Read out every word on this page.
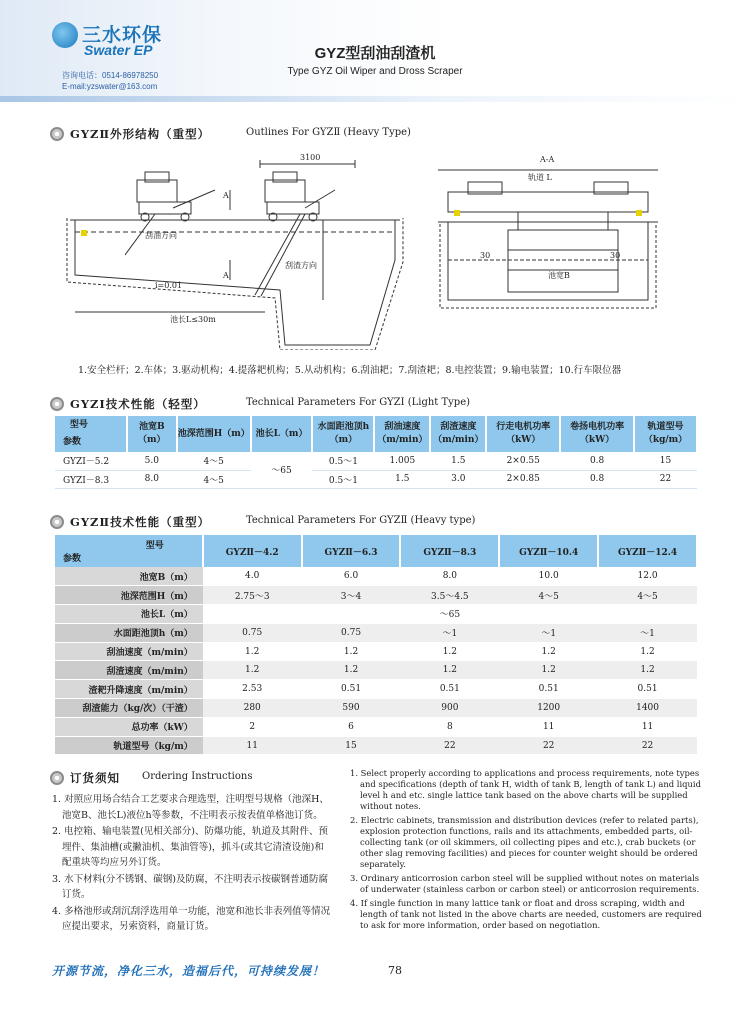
三水环保
Swater EP
咨询电话：0514-86978250
E-mail:yzswater@163.com
GYZ型刮油刮渣机
Type GYZ Oil Wiper and Dross Scraper
GYZⅡ外形结构（重型）	Outlines For GYZⅡ (Heavy Type)
3100
A
A
i=0.01
池长L≤30m
刮油方向
刮渣方向
A-A
轨道 L
池宽B
30	30
1.安全栏杆；2.车体；3.驱动机构；4.提落耙机构；5.从动机构；6.刮油耙；7.刮渣耙；8.电控装置；9.输电装置；10.行车限位器
GYZⅠ技术性能（轻型）	Technical Parameters For GYZⅠ (Light Type)
型号
参数	池宽B（m）	池深范围H（m）	池长L（m）	水面距池顶h（m）	刮油速度（m/min）	刮渣速度（m/min）	行走电机功率（kW）	卷扬电机功率（kW）	轨道型号（kg/m）
GYZⅠ－5.2	5.0	4～5	～65	0.5～1	1.005	1.5	2×0.55	0.8	15
GYZⅠ－8.3	8.0	4～5		0.5～1	1.5	3.0	2×0.85	0.8	22
GYZⅡ技术性能（重型）	Technical Parameters For GYZⅡ (Heavy type)
型号
参数	GYZⅡ－4.2	GYZⅡ－6.3	GYZⅡ－8.3	GYZⅡ－10.4	GYZⅡ－12.4
池宽B（m）	4.0	6.0	8.0	10.0	12.0
池深范围H（m）	2.75～3	3～4	3.5～4.5	4～5	4～5
池长L（m）	～65				
水面距池顶h（m）	0.75	0.75	～1	～1	～1
刮油速度（m/min）	1.2	1.2	1.2	1.2	1.2
刮渣速度（m/min）	1.2	1.2	1.2	1.2	1.2
渣耙升降速度（m/min）	2.53	0.51	0.51	0.51	0.51
刮渣能力（kg/次）（干渣）	280	590	900	1200	1400
总功率（kW）	2	6	8	11	11
轨道型号（kg/m）	11	15	22	22	22
订货须知 Ordering Instructions

1. 对照应用场合结合工艺要求合理选型，注明型号规格（池深H、池宽B、池长L)液位h等参数，不注明表示按表值单格池订货。

2. 电控箱、输电装置(见相关部分)、防爆功能，轨道及其附件、预埋件、集油槽(或撇油机、集油管等)，抓斗(或其它清渣设施)和配重块等均应另外订货。

3. 水下材料(分不锈钢、碳钢)及防腐，不注明表示按碳钢普通防腐订货。

4. 多格池形或刮沉刮浮选用单一功能，池宽和池长非表列值等情况应提出要求，另索资料，商量订货。

1. Select properly according to applications and process requirements, note types and specifications (depth of tank H, width of tank B, length of tank L) and liquid level h and etc. single lattice tank based on the above charts will be supplied without notes.

2. Electric cabinets, transmission and distribution devices (refer to related parts), explosion protection functions, rails and its attachments, embedded parts, oil-collecting tank (or oil skimmers, oil collecting pipes and etc.), crab buckets (or other slag removing facilities) and pieces for counter weight should be ordered separately.

3. Ordinary anticorrosion carbon steel will be supplied without notes on materials of underwater (stainless carbon or carbon steel) or anticorrosion requirements.

4. If single function in many lattice tank or float and dross scraping, width and length of tank not listed in the above charts are needed, customers are required to ask for more information, order based on negotiation.

开源节流，净化三水，造福后代，可持续发展！	78
